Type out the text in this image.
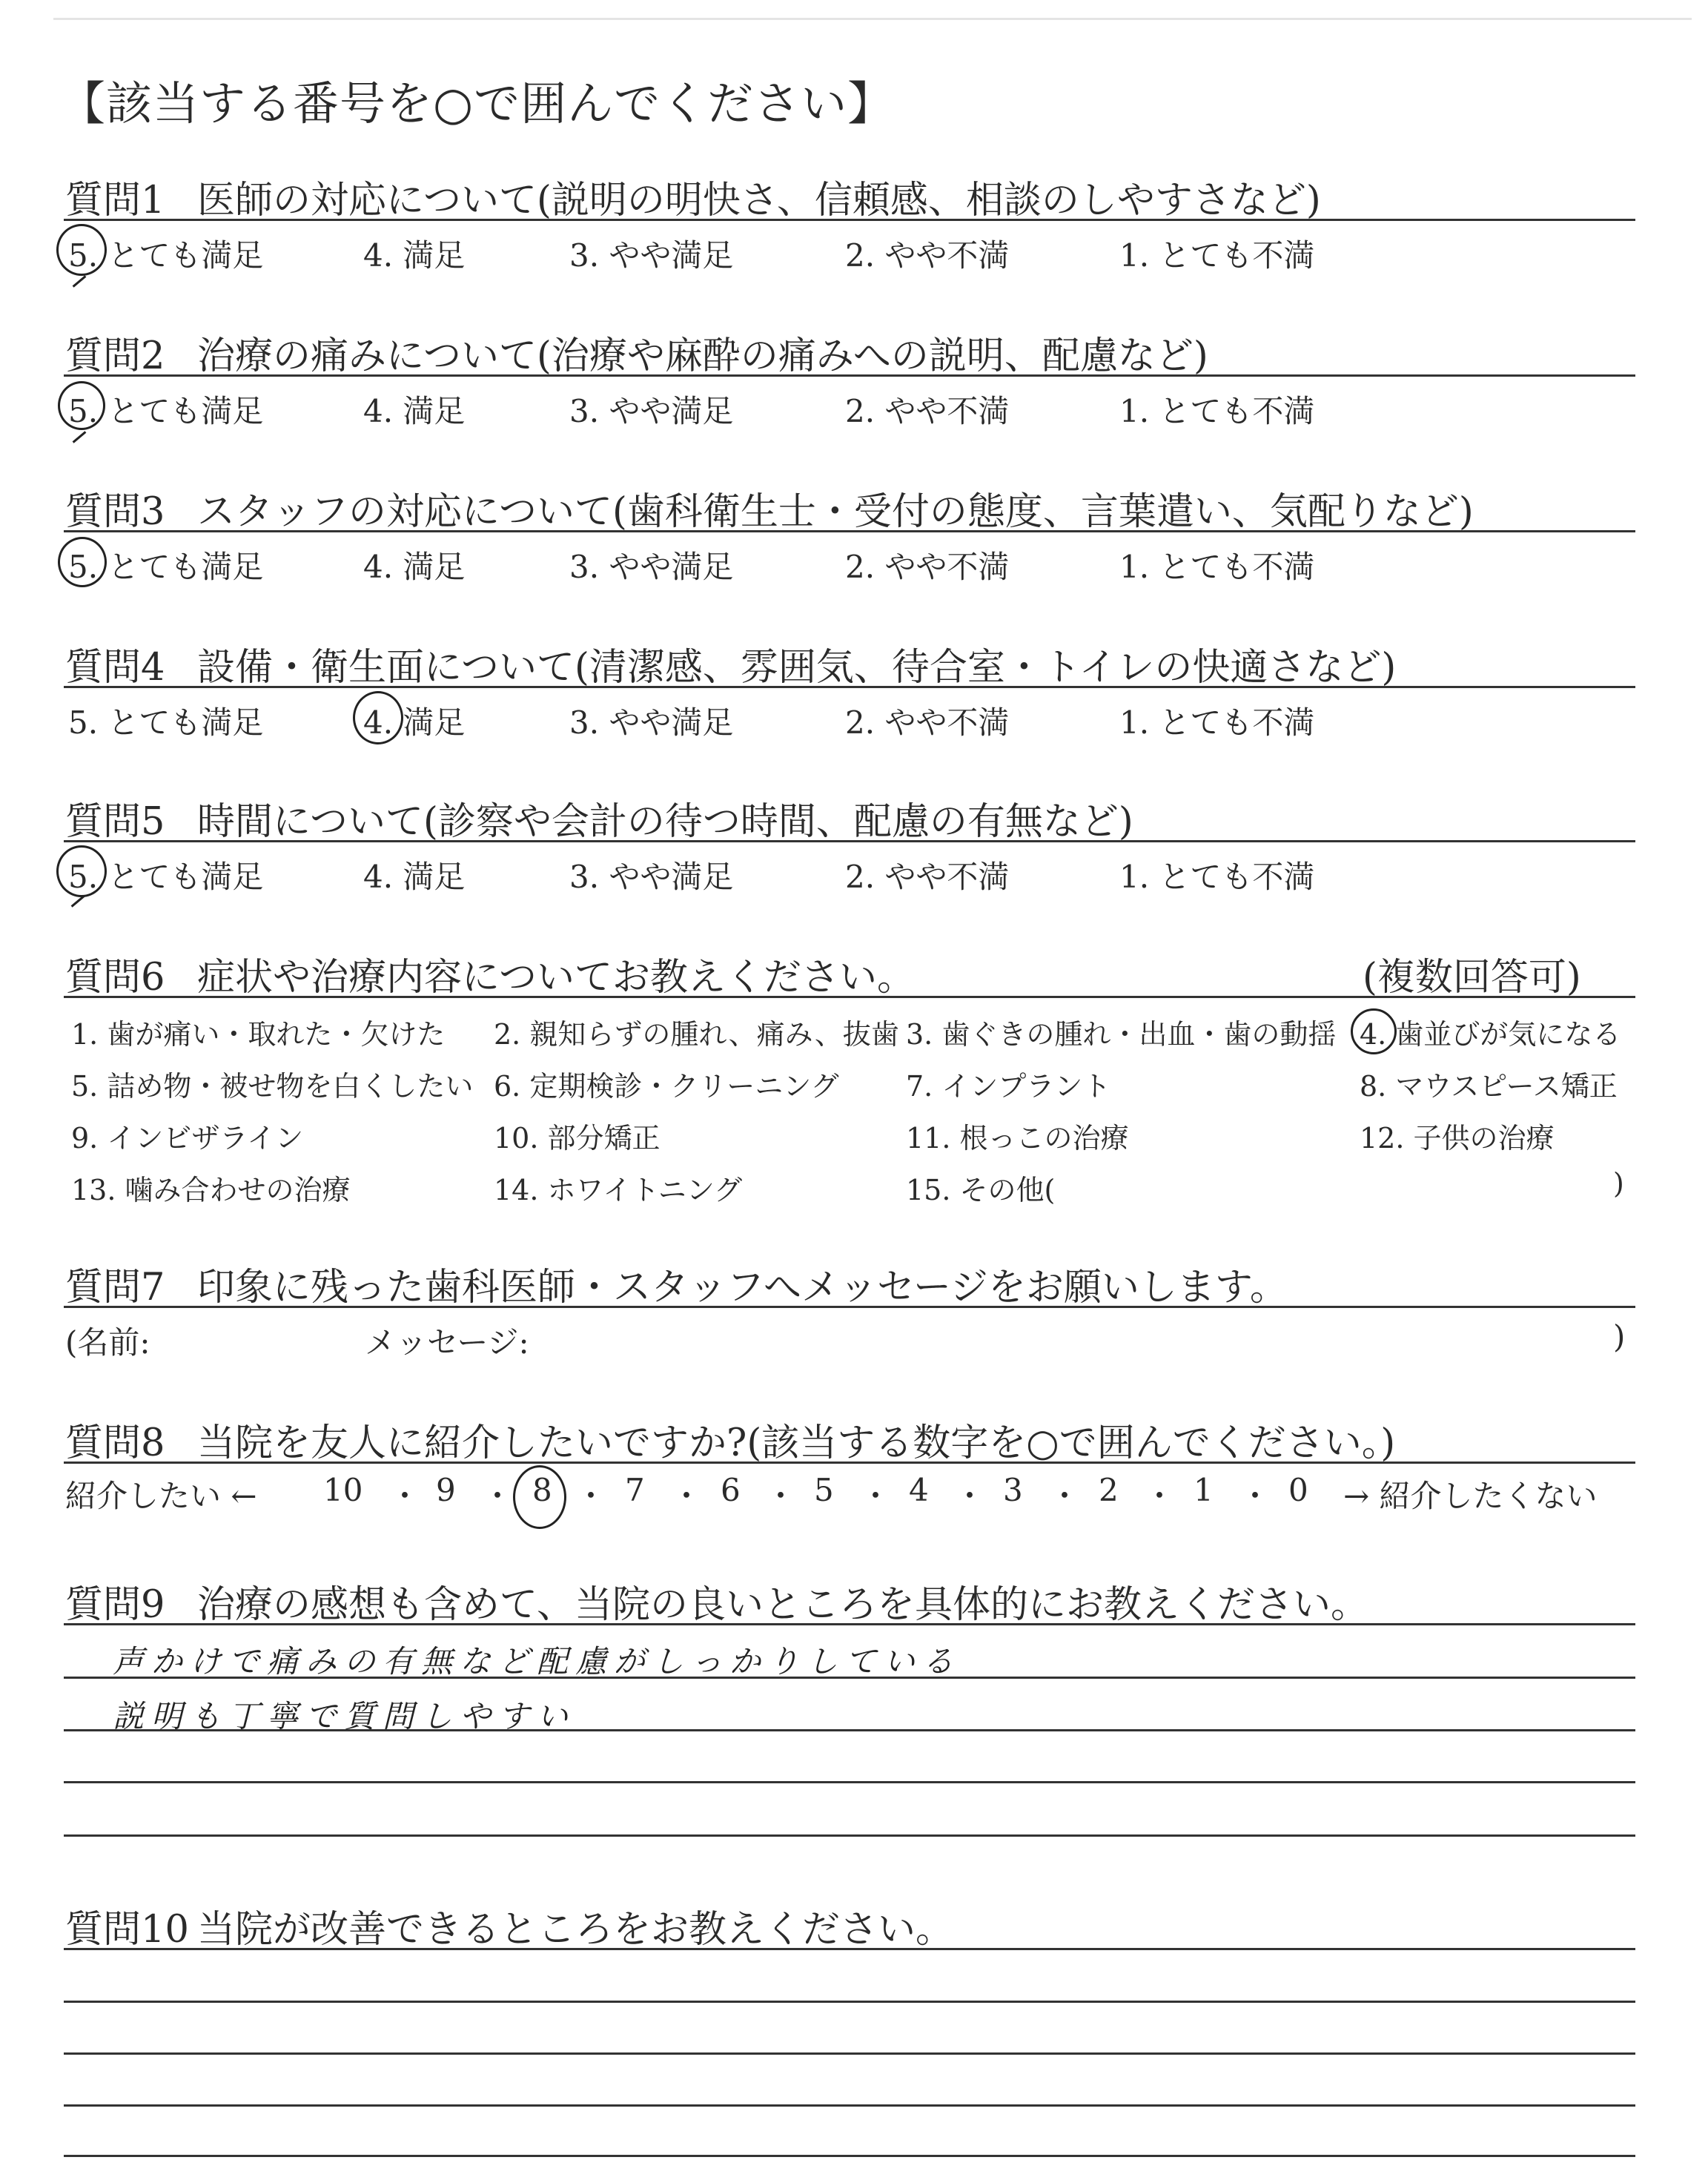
【該当する番号を○で囲んでください】
質問1 医師の対応について(説明の明快さ、信頼感、相談のしやすさなど)
5. とても満足	4. 満足	3. やや満足	2. やや不満	1. とても不満
質問2 治療の痛みについて(治療や麻酔の痛みへの説明、配慮など)
5. とても満足	4. 満足	3. やや満足	2. やや不満	1. とても不満
質問3 スタッフの対応について(歯科衛生士・受付の態度、言葉遣い、気配りなど)
5. とても満足	4. 満足	3. やや満足	2. やや不満	1. とても不満
質問4 設備・衛生面について(清潔感、雰囲気、待合室・トイレの快適さなど)
5. とても満足	4. 満足	3. やや満足	2. やや不満	1. とても不満
質問5 時間について(診察や会計の待つ時間、配慮の有無など)
5. とても満足	4. 満足	3. やや満足	2. やや不満	1. とても不満
質問6 症状や治療内容についてお教えください。	(複数回答可)
1. 歯が痛い・取れた・欠けた 2. 親知らずの腫れ、痛み、抜歯 3. 歯ぐきの腫れ・出血・歯の動揺 4. 歯並びが気になる
5. 詰め物・被せ物を白くしたい 6. 定期検診・クリーニング 7. インプラント	8. マウスピース矯正
9. インビザライン	10. 部分矯正	11. 根っこの治療	12. 子供の治療
13. 噛み合わせの治療	14. ホワイトニング	15. その他(	)
質問7 印象に残った歯科医師・スタッフへメッセージをお願いします。
(名前:	メッセージ:	)
質問8 当院を友人に紹介したいですか?(該当する数字を○で囲んでください。)
紹介したい ← 10 ・ 9 ・ 8 ・ 7 ・ 6 ・ 5 ・ 4 ・ 3 ・ 2 ・ 1 ・ 0 → 紹介したくない
質問9 治療の感想も含めて、当院の良いところを具体的にお教えください。
声かけで痛みの有無など配慮がしっかりしている
説明も丁寧で質問しやすい
質問10 当院が改善できるところをお教えください。
